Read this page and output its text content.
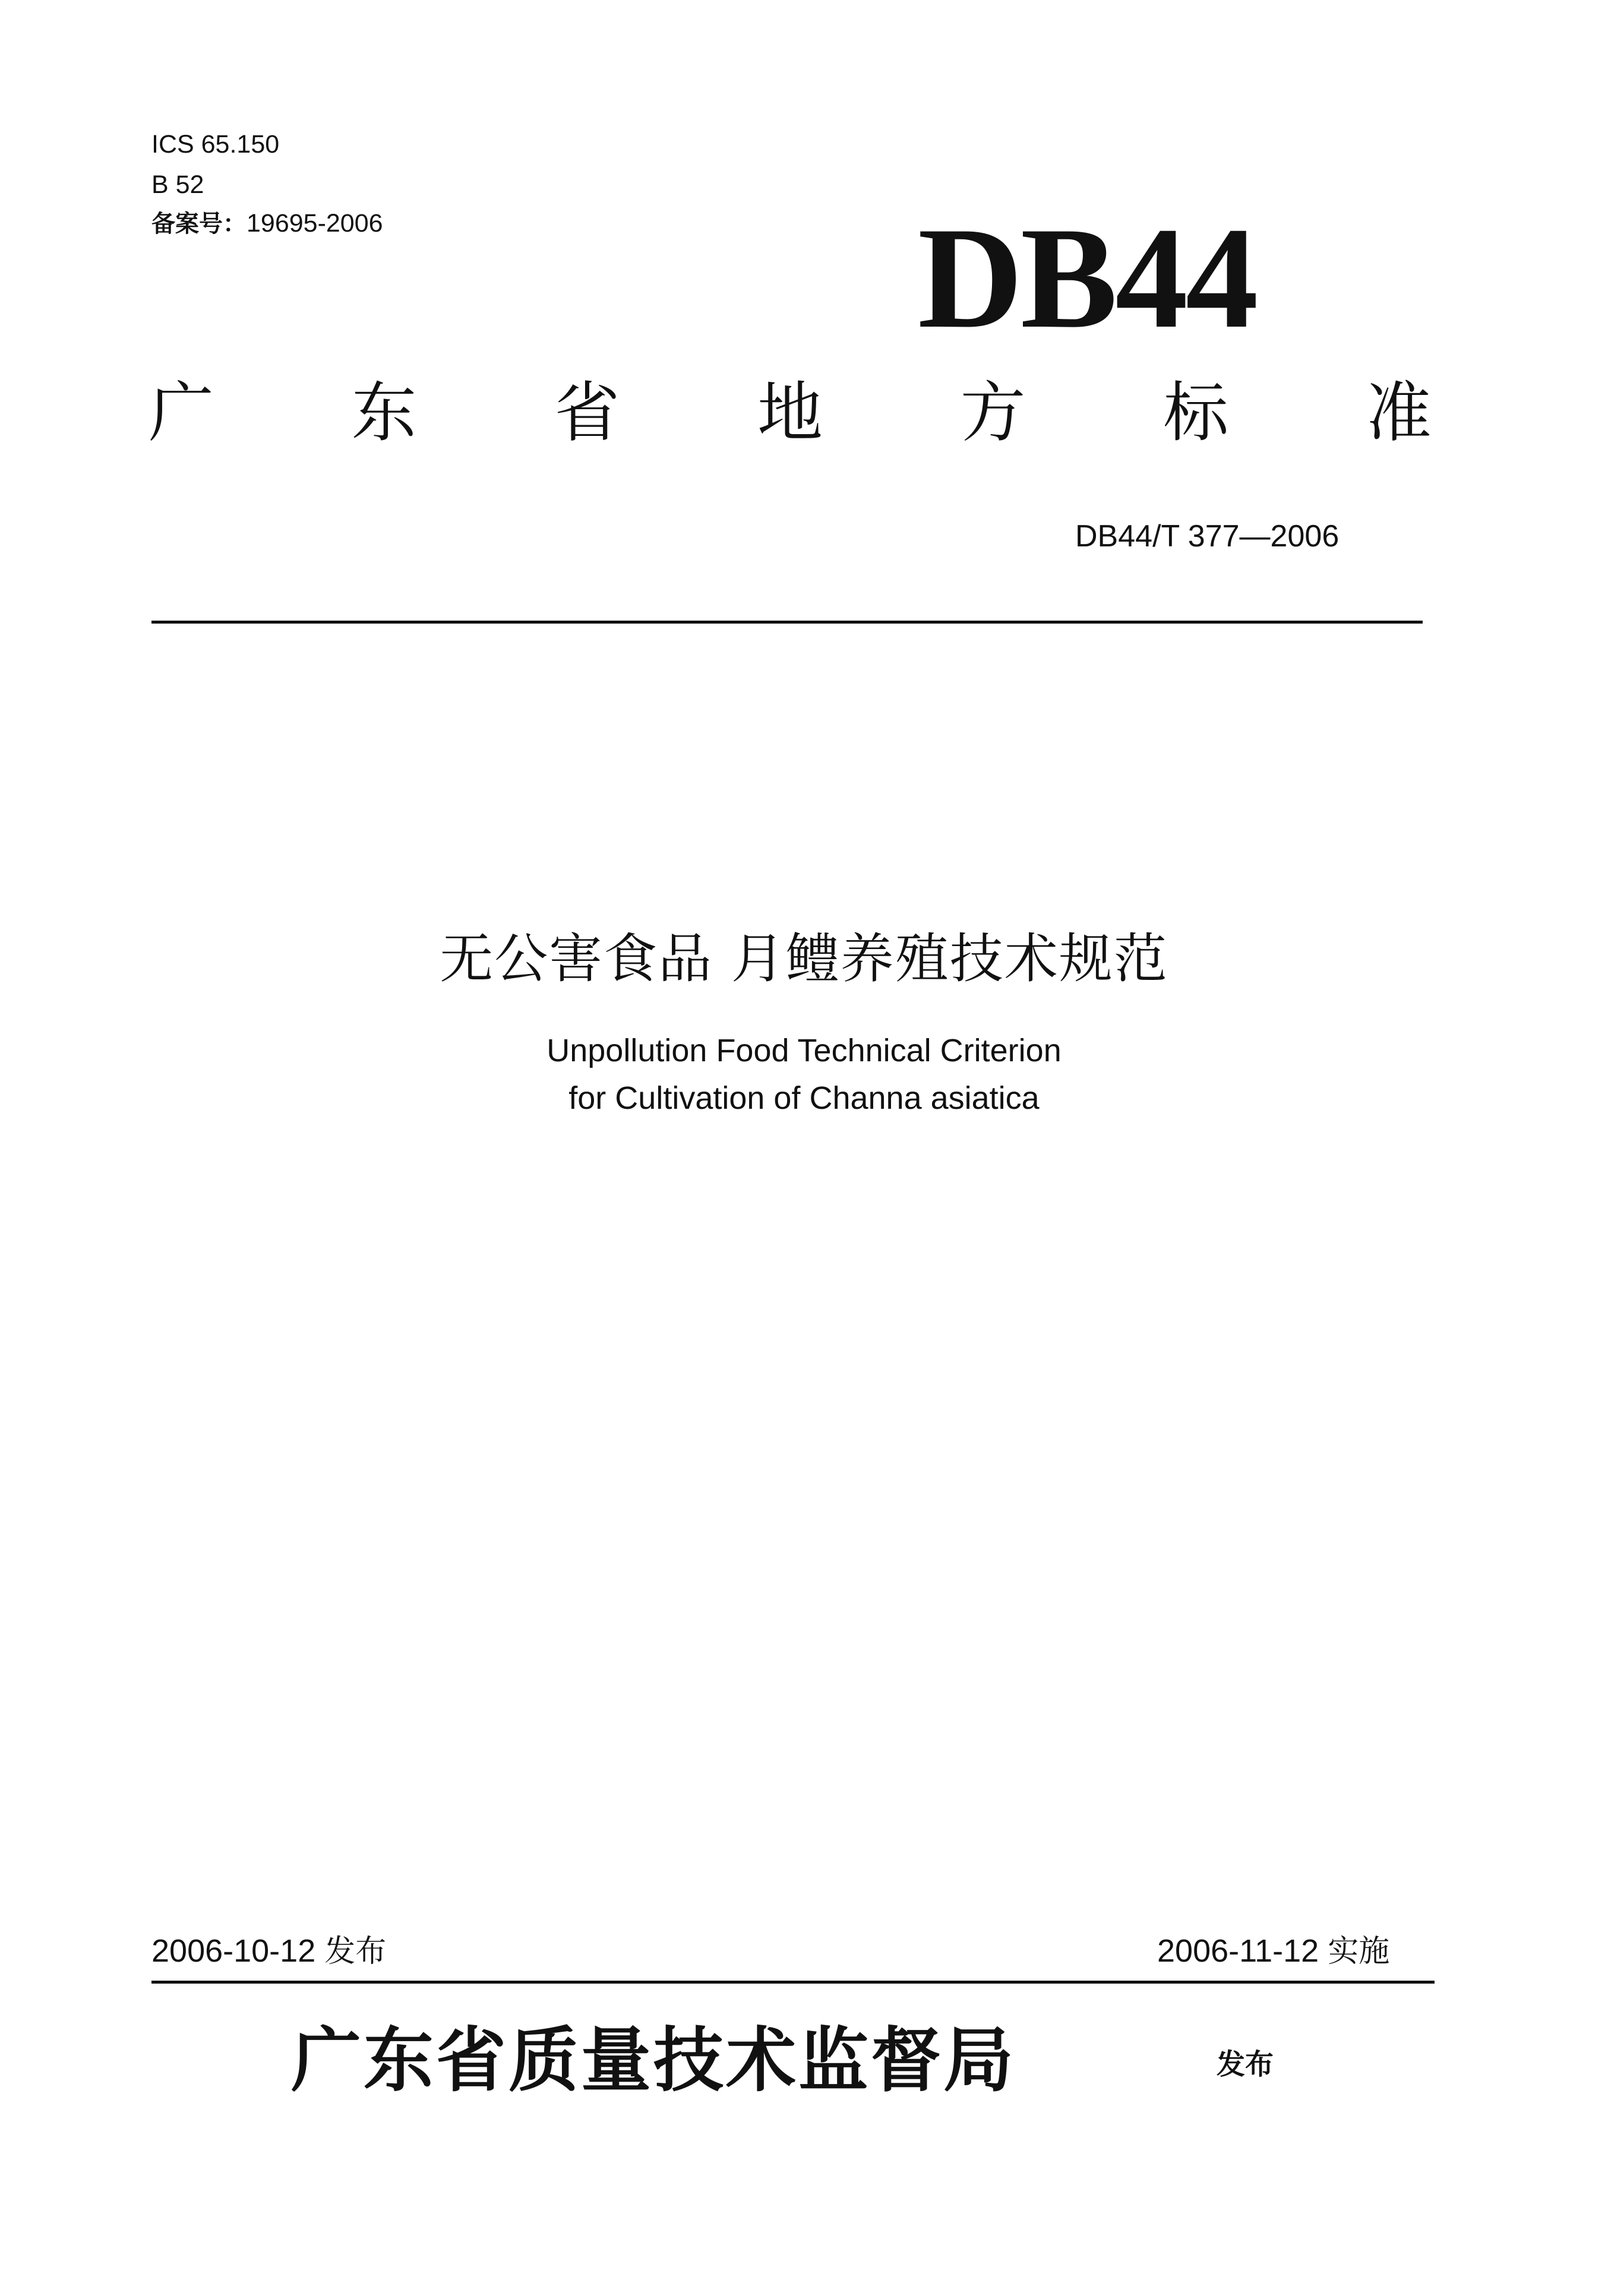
ICS 65.150
B 52
备案号：19695-2006	DB44
广 东 省 地 方 标 准
DB44/T 377—2006
无公害食品 月鳢养殖技术规范
Unpollution Food Technical Criterion
for Cultivation of Channa asiatica
2006-10-12 发布	2006-11-12 实施
广东省质量技术监督局	发布
